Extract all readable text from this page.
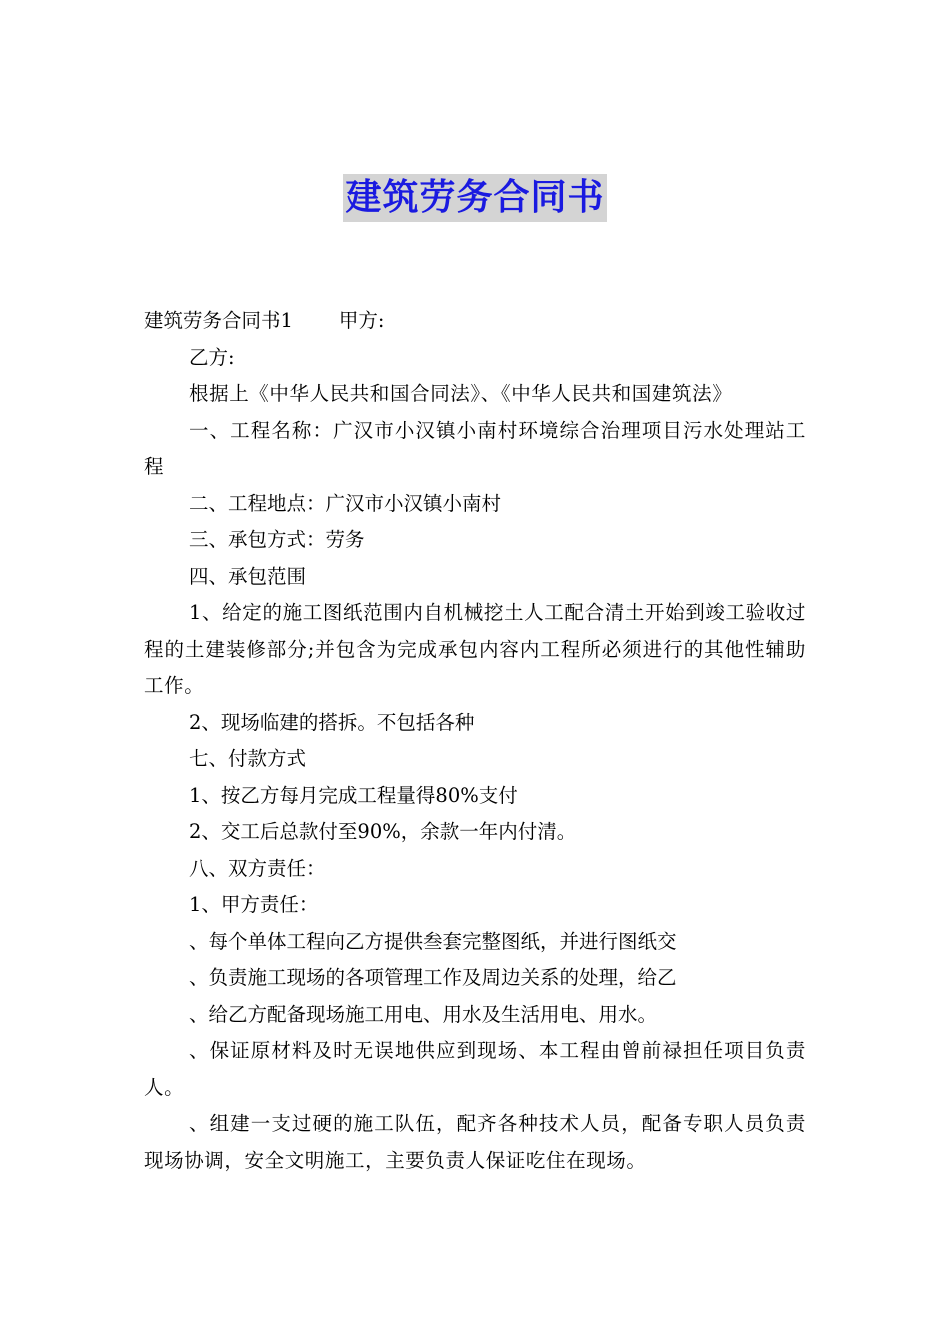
建筑劳务合同书

建筑劳务合同书1 甲方:

乙方:

根据上《中华人民共和国合同法》、《中华人民共和国建筑法》

一、工程名称：广汉市小汉镇小南村环境综合治理项目污水处理站工程

二、工程地点：广汉市小汉镇小南村

三、承包方式：劳务

四、承包范围

1、给定的施工图纸范围内自机械挖土人工配合清土开始到竣工验收过程的土建装修部分;并包含为完成承包内容内工程所必须进行的其他性辅助工作。

2、现场临建的搭拆。不包括各种

七、付款方式

1、按乙方每月完成工程量得80%支付

2、交工后总款付至90%，余款一年内付清。

八、双方责任：

1、甲方责任：

、每个单体工程向乙方提供叁套完整图纸，并进行图纸交

、负责施工现场的各项管理工作及周边关系的处理，给乙

、给乙方配备现场施工用电、用水及生活用电、用水。

、保证原材料及时无误地供应到现场、本工程由曾前禄担任项目负责人。

、组建一支过硬的施工队伍，配齐各种技术人员，配备专职人员负责现场协调，安全文明施工，主要负责人保证吃住在现场。
